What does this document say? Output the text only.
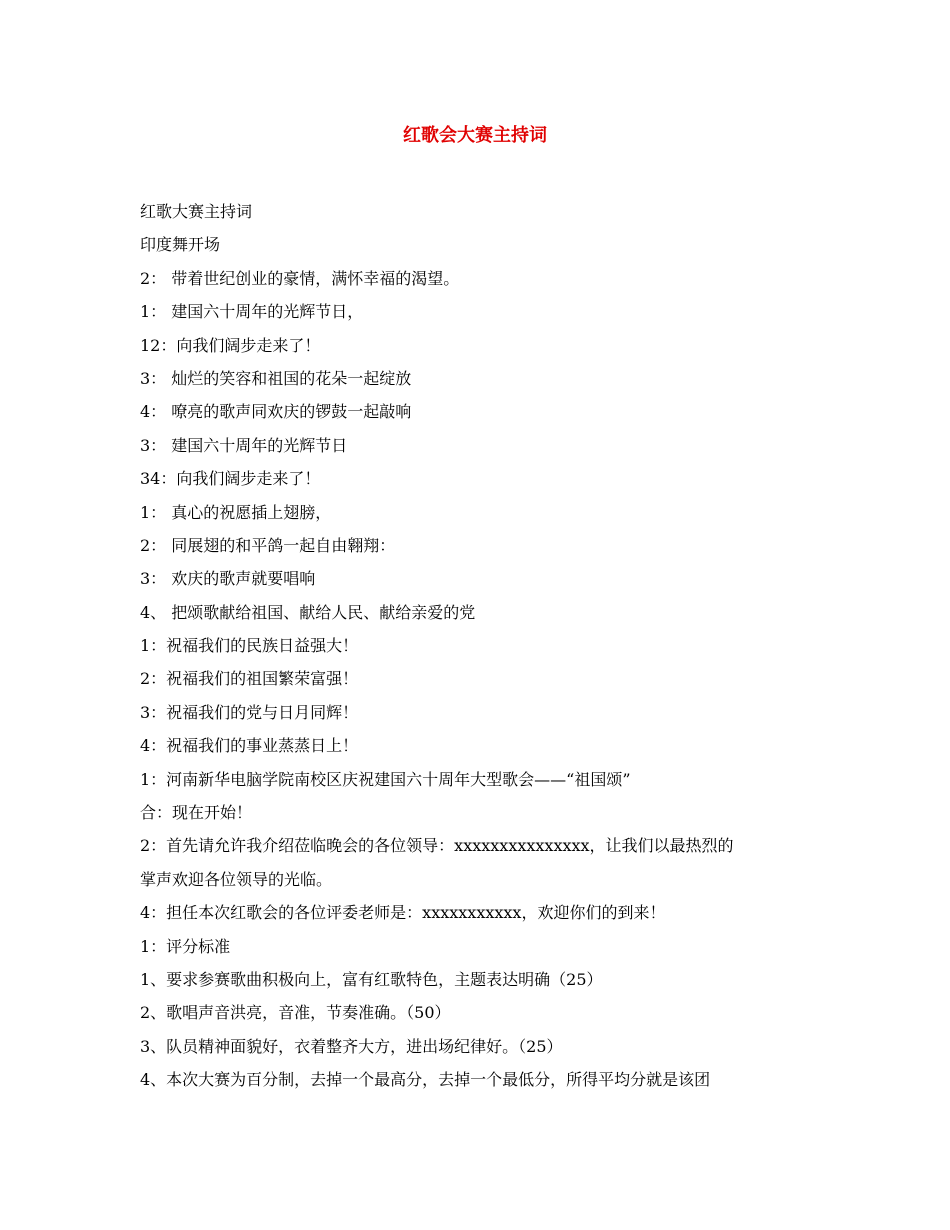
红歌会大赛主持词
红歌大赛主持词
印度舞开场
2： 带着世纪创业的豪情，满怀幸福的渴望。
1： 建国六十周年的光辉节日，
12：向我们阔步走来了！
3： 灿烂的笑容和祖国的花朵一起绽放
4： 嘹亮的歌声同欢庆的锣鼓一起敲响
3： 建国六十周年的光辉节日
34：向我们阔步走来了！
1： 真心的祝愿插上翅膀，
2： 同展翅的和平鸽一起自由翱翔：
3： 欢庆的歌声就要唱响
4、 把颂歌献给祖国、献给人民、献给亲爱的党
1：祝福我们的民族日益强大！
2：祝福我们的祖国繁荣富强！
3：祝福我们的党与日月同辉！
4：祝福我们的事业蒸蒸日上！
1：河南新华电脑学院南校区庆祝建国六十周年大型歌会——“祖国颂”
合：现在开始！
2：首先请允许我介绍莅临晚会的各位领导：xxxxxxxxxxxxxxx，让我们以最热烈的
掌声欢迎各位领导的光临。
4：担任本次红歌会的各位评委老师是：xxxxxxxxxxx，欢迎你们的到来！
1：评分标准
1、要求参赛歌曲积极向上，富有红歌特色，主题表达明确（25）
2、歌唱声音洪亮，音准，节奏准确。（50）
3、队员精神面貌好，衣着整齐大方，进出场纪律好。（25）
4、本次大赛为百分制，去掉一个最高分，去掉一个最低分，所得平均分就是该团
